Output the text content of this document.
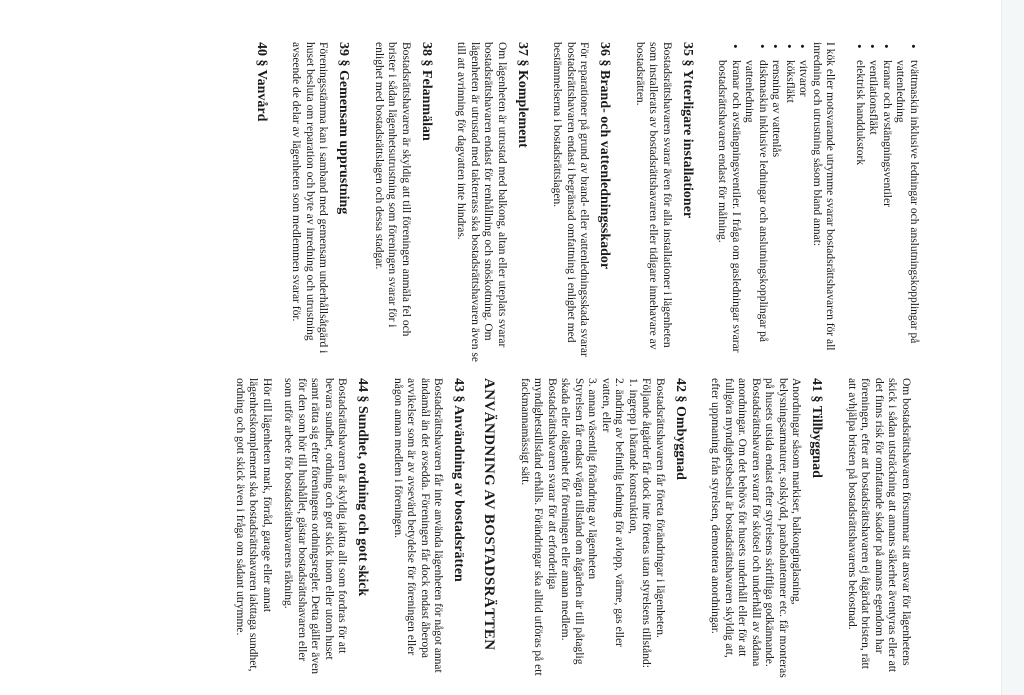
• tvättmaskin inklusive ledningar och anslutningskopplingar på vattenledning
• kranar och avstängningsventiler
• ventilationsfläkt
• elektrisk handdukstork

I kök eller motsvarande utrymme svarar bostadsrättshavaren för all inredning och utrustning såsom bland annat:

• vitvaror
• köksfläkt
• rensning av vattenlås
• diskmaskin inklusive ledningar och anslutningskopplingar på vattenledning
• kranar och avstängningsventiler. I fråga om gasledningar svarar bostadsrättshavaren endast för målning.
35 § Ytterligare installationer

Bostadsrättshavaren svarar även för alla installationer i lägenheten som installerats av bostadsrättshavaren eller tidigare innehavare av bostadsrätten.

36 § Brand- och vattenledningsskador

För reparationer på grund av brand- eller vattenledningsskada svarar bostadsrättshavaren endast i begränsad omfattning i enlighet med bestämmelserna i bostadsrättslagen.

37 § Komplement

Om lägenheten är utrustad med balkong, altan eller uteplats svarar bostadsrättshavaren endast för renhållning och snöskottning. Om lägenheten är utrustad med takterrass ska bostadsrättshavaren även se till att avrinning för dagvatten inte hindras.

38 § Felanmälan

Bostadsrättshavaren är skyldig att till föreningen anmäla fel och brister i sådan lägenhetsutrustning som föreningen svarar för i enlighet med bostadsrättslagen och dessa stadgar.

39 § Gemensam upprustning

Föreningsstämma kan i samband med gemensam underhållsåtgärd i huset besluta om reparation och byte av inredning och utrustning avseende de delar av lägenheten som medlemmen svarar för.

40 § Vanvård

Om bostadsrättshavaren försummar sitt ansvar för lägenhetens skick i sådan utsträckning att annans säkerhet äventyras eller att det finns risk för omfattande skador på annans egendom har föreningen, efter att bostadsrättshavaren ej åtgärdat bristen, rätt att avhjälpa bristen på bostadsrättshavarens bekostnad.

41 § Tillbyggnad

Anordningar såsom markiser, balkonginglasning, belysningsarmaturer, solskydd, parabolantenner etc. får monteras på husets utsida endast efter styrelsens skriftliga godkännande. Bostadsrättshavaren svarar för skötsel och underhåll av sådana anordningar. Om det behövs för husets underhåll eller för att fullgöra myndighetsbeslut är bostadsrättshavaren skyldig att, efter uppmaning från styrelsen, demontera anordningar.

42 § Ombyggnad

Bostadsrättshavaren får företa förändringar i lägenheten. Följande åtgärder får dock inte företas utan styrelsens tillstånd:

1. ingrepp i bärande konstruktion,

2. ändring av befintlig ledning för avlopp, värme, gas eller vatten, eller

3. annan väsentlig förändring av lägenheten

Styrelsen får endast vägra tillstånd om åtgärden är till påtaglig skada eller olägenhet för föreningen eller annan medlem. Bostadsrättshavaren svarar för att erforderliga myndighetstillstånd erhålls. Förändringar ska alltid utföras på ett fackmannamässigt sätt.

ANVÄNDNING AV BOSTADSRÄTTEN
43 § Användning av bostadsrätten

Bostadsrättshavaren får inte använda lägenheten för något annat ändamål än det avsedda. Föreningen får dock endast åberopa avvikelser som är av avsevärd betydelse för föreningen eller någon annan medlem i föreningen.

44 § Sundhet, ordning och gott skick

Bostadsrättshavaren är skyldig iaktta allt som fordras för att bevara sundhet, ordning och gott skick inom eller utom huset samt rätta sig efter föreningens ordningsregler. Detta gäller även för den som hör till hushållet, gästar bostadsrättshavaren eller som utför arbete för bostadsrättshavarens räkning.

Hör till lägenheten mark, förråd, garage eller annat lägenhetskomplement ska bostadsrättshavaren iakttaga sundhet, ordning och gott skick även i fråga om sådant utrymme.
